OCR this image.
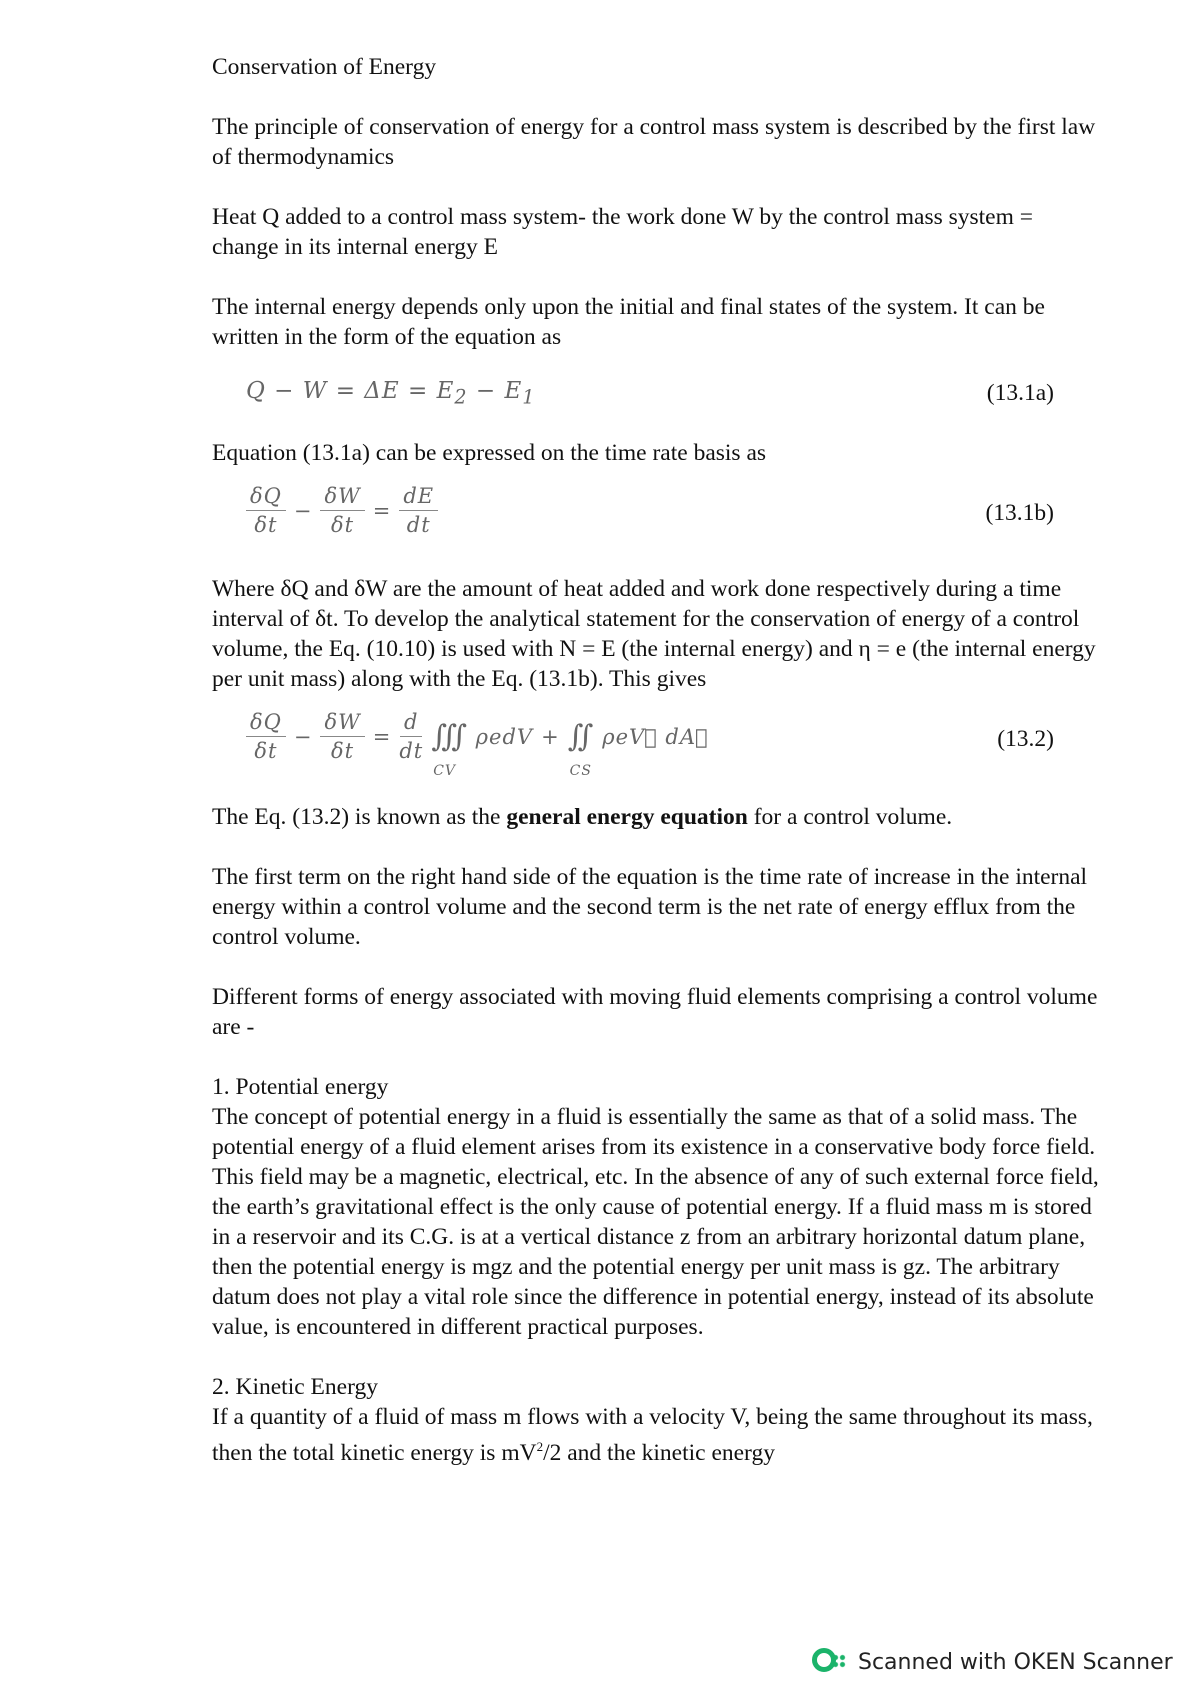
Conservation of Energy

The principle of conservation of energy for a control mass system is described by the first law of thermodynamics

Heat Q added to a control mass system- the work done W by the control mass system = change in its internal energy E

The internal energy depends only upon the initial and final states of the system. It can be written in the form of the equation as

$Q - W = \Delta E = E_2 - E_1$	(13.1a)

Equation (13.1a) can be expressed on the time rate basis as

$\frac{\delta Q}{\delta t} - \frac{\delta W}{\delta t} = \frac{dE}{dt}$	(13.1b)

Where δQ and δW are the amount of heat added and work done respectively during a time interval of δt. To develop the analytical statement for the conservation of energy of a control volume, the Eq. (10.10) is used with N = E (the internal energy) and η = e (the internal energy per unit mass) along with the Eq. (13.1b). This gives

$\frac{\delta Q}{\delta t} - \frac{\delta W}{\delta t} = \frac{d}{dt}$ ∭
CV
ρedV + ∬
CS
ρeV⃗ dA⃗	(13.2)

The Eq. (13.2) is known as the general energy equation for a control volume.

The first term on the right hand side of the equation is the time rate of increase in the internal energy within a control volume and the second term is the net rate of energy efflux from the control volume.

Different forms of energy associated with moving fluid elements comprising a control volume are -

1. Potential energy

The concept of potential energy in a fluid is essentially the same as that of a solid mass. The potential energy of a fluid element arises from its existence in a conservative body force field. This field may be a magnetic, electrical, etc. In the absence of any of such external force field, the earth’s gravitational effect is the only cause of potential energy. If a fluid mass m is stored in a reservoir and its C.G. is at a vertical distance z from an arbitrary horizontal datum plane, then the potential energy is mgz and the potential energy per unit mass is gz. The arbitrary datum does not play a vital role since the difference in potential energy, instead of its absolute value, is encountered in different practical purposes.

2. Kinetic Energy

If a quantity of a fluid of mass m flows with a velocity V, being the same throughout its mass, then the total kinetic energy is $mV^2/2$ and the kinetic energy

Scanned with OKEN Scanner
